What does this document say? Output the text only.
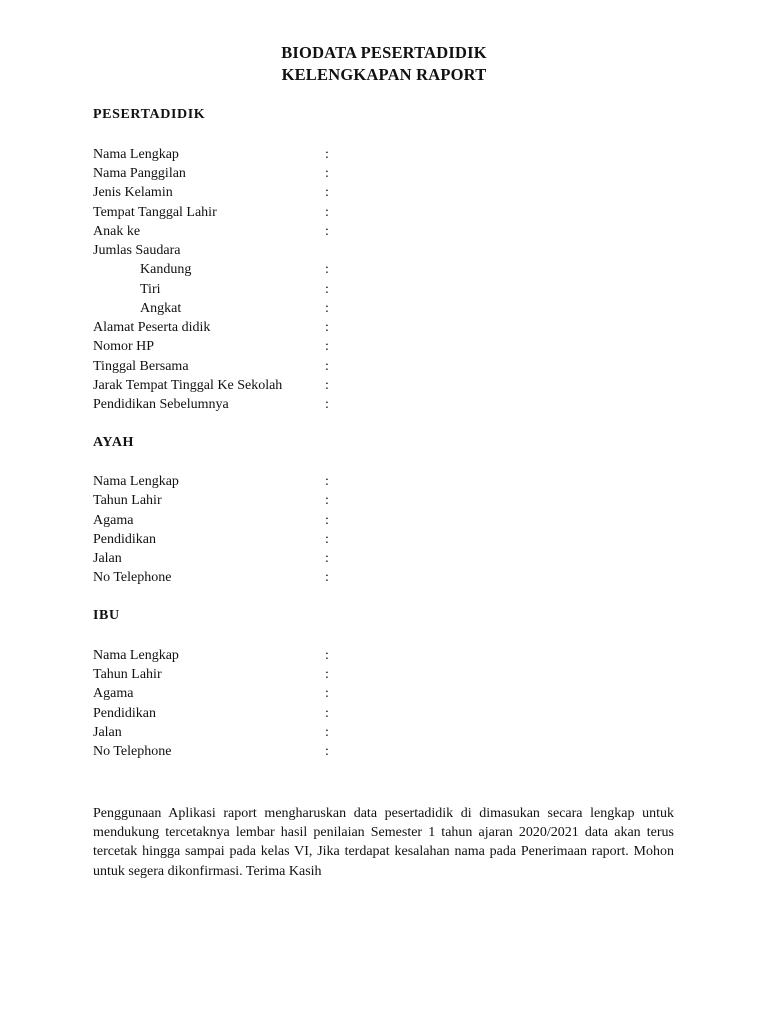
BIODATA PESERTADIDIK
KELENGKAPAN RAPORT
PESERTADIDIK
Nama Lengkap	:
Nama Panggilan	:
Jenis Kelamin	:
Tempat Tanggal Lahir	:
Anak ke	:
Jumlas Saudara
Kandung	:
Tiri	:
Angkat	:
Alamat Peserta didik	:
Nomor HP	:
Tinggal Bersama	:
Jarak Tempat Tinggal Ke Sekolah	:
Pendidikan Sebelumnya	:
AYAH
Nama Lengkap	:
Tahun Lahir	:
Agama	:
Pendidikan	:
Jalan	:
No Telephone	:
IBU
Nama Lengkap	:
Tahun Lahir	:
Agama	:
Pendidikan	:
Jalan	:
No Telephone	:
Penggunaan Aplikasi raport mengharuskan data pesertadidik di dimasukan secara lengkap untuk mendukung tercetaknya lembar hasil penilaian Semester 1 tahun ajaran 2020/2021 data akan terus tercetak hingga sampai pada kelas VI, Jika terdapat kesalahan nama pada Penerimaan raport. Mohon untuk segera dikonfirmasi. Terima Kasih
